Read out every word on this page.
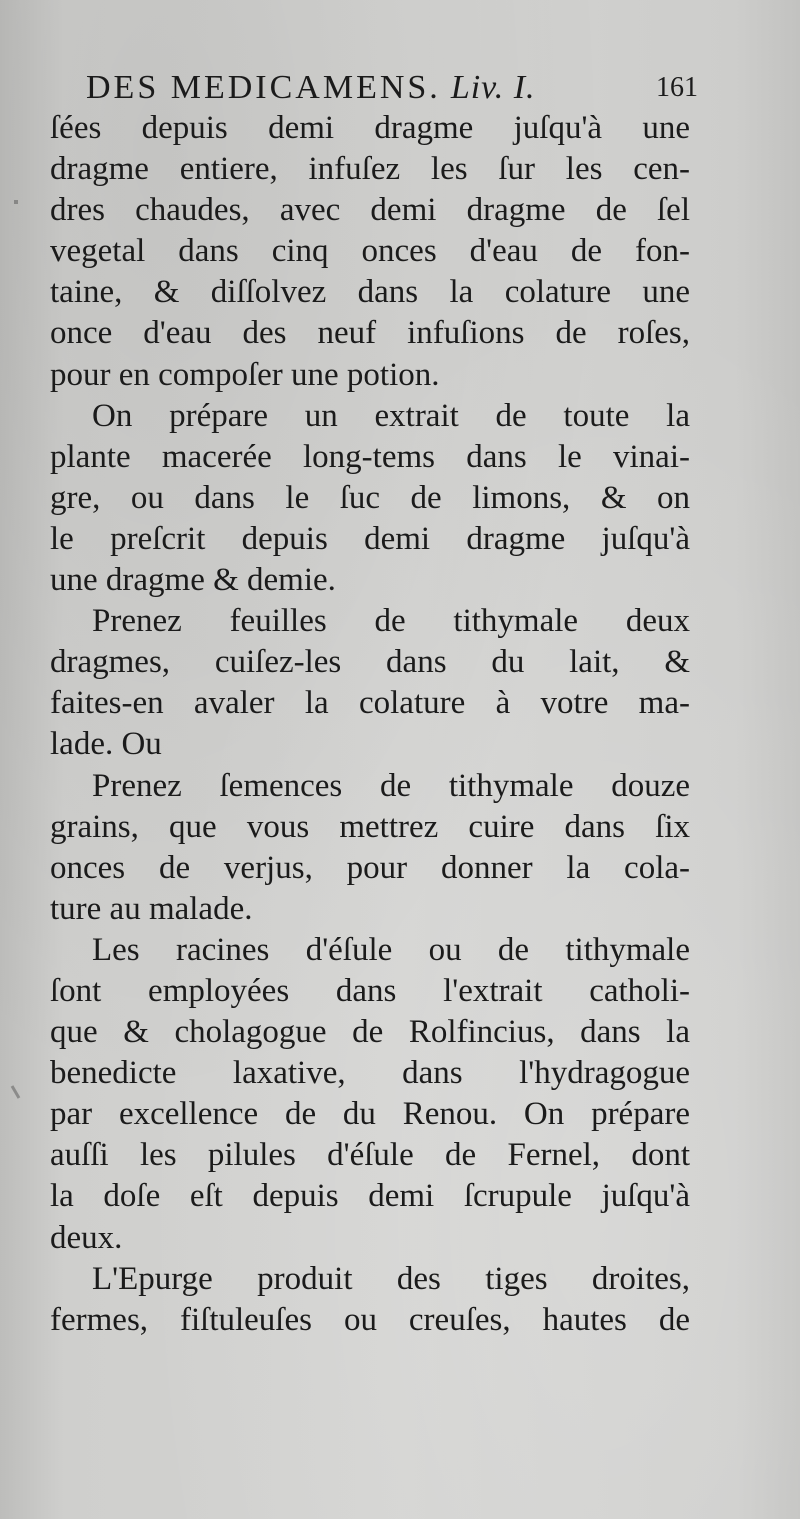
DES MEDICAMENS. Liv. I.	161
ſées depuis demi dragme juſqu'à une
dragme entiere, infuſez les ſur les cen-
dres chaudes, avec demi dragme de ſel
vegetal dans cinq onces d'eau de fon-
taine, & diſſolvez dans la colature une
once d'eau des neuf infuſions de roſes,
pour en compoſer une potion.
On prépare un extrait de toute la
plante macerée long-tems dans le vinai-
gre, ou dans le ſuc de limons, & on
le preſcrit depuis demi dragme juſqu'à
une dragme & demie.
Prenez feuilles de tithymale deux
dragmes, cuiſez-les dans du lait, &
faites-en avaler la colature à votre ma-
lade. Ou
Prenez ſemences de tithymale douze
grains, que vous mettrez cuire dans ſix
onces de verjus, pour donner la cola-
ture au malade.
Les racines d'éſule ou de tithymale
ſont employées dans l'extrait catholi-
que & cholagogue de Rolfincius, dans la
benedicte laxative, dans l'hydragogue
par excellence de du Renou. On prépare
auſſi les pilules d'éſule de Fernel, dont
la doſe eſt depuis demi ſcrupule juſqu'à
deux.
L'Epurge produit des tiges droites,
fermes, fiſtuleuſes ou creuſes, hautes de
